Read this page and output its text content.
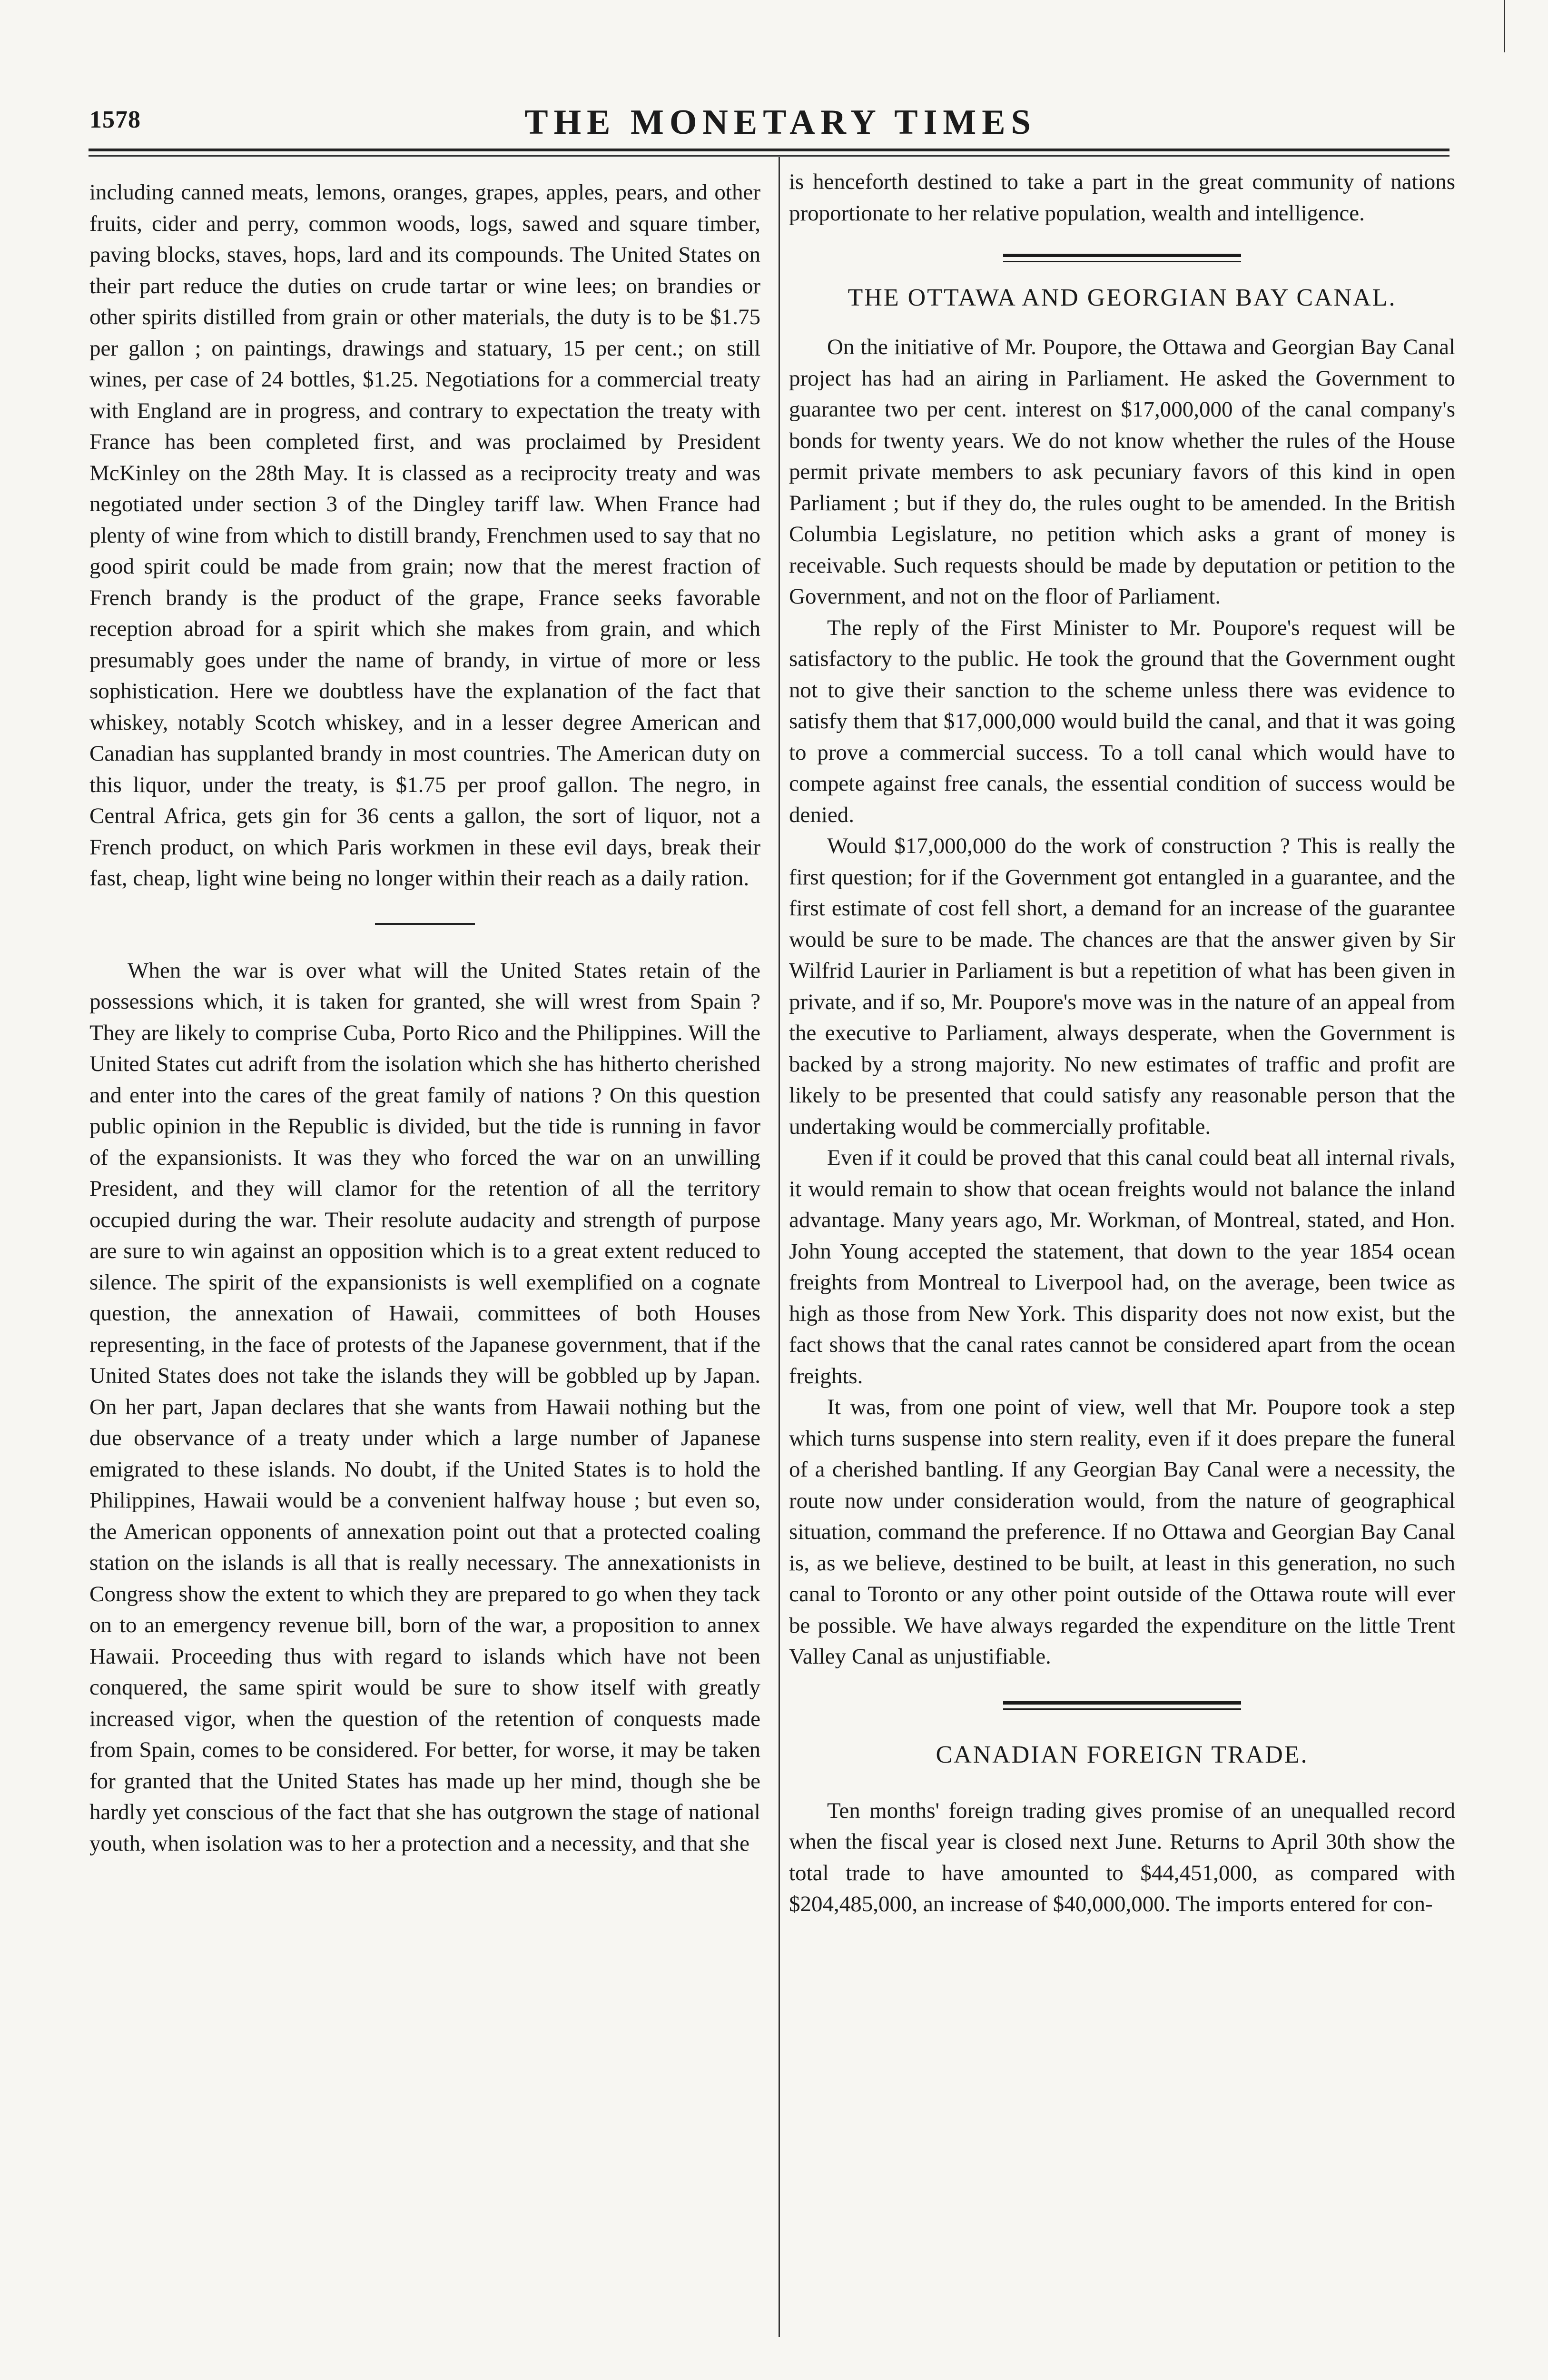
1578	THE MONETARY TIMES

including canned meats, lemons, oranges, grapes, apples, pears, and other fruits, cider and perry, common woods, logs, sawed and square timber, paving blocks, staves, hops, lard and its compounds. The United States on their part reduce the duties on crude tartar or wine lees; on brandies or other spirits distilled from grain or other materials, the duty is to be $1.75 per gallon ; on paintings, drawings and statuary, 15 per cent.; on still wines, per case of 24 bottles, $1.25. Negotiations for a commercial treaty with England are in progress, and contrary to expectation the treaty with France has been completed first, and was proclaimed by President McKinley on the 28th May. It is classed as a reciprocity treaty and was negotiated under section 3 of the Dingley tariff law. When France had plenty of wine from which to distill brandy, Frenchmen used to say that no good spirit could be made from grain; now that the merest fraction of French brandy is the product of the grape, France seeks favorable reception abroad for a spirit which she makes from grain, and which presumably goes under the name of brandy, in virtue of more or less sophistication. Here we doubtless have the explanation of the fact that whiskey, notably Scotch whiskey, and in a lesser degree American and Canadian has supplanted brandy in most countries. The American duty on this liquor, under the treaty, is $1.75 per proof gallon. The negro, in Central Africa, gets gin for 36 cents a gallon, the sort of liquor, not a French product, on which Paris workmen in these evil days, break their fast, cheap, light wine being no longer within their reach as a daily ration.

When the war is over what will the United States retain of the possessions which, it is taken for granted, she will wrest from Spain ? They are likely to comprise Cuba, Porto Rico and the Philippines. Will the United States cut adrift from the isolation which she has hitherto cherished and enter into the cares of the great family of nations ? On this question public opinion in the Republic is divided, but the tide is running in favor of the expansionists. It was they who forced the war on an unwilling President, and they will clamor for the retention of all the territory occupied during the war. Their resolute audacity and strength of purpose are sure to win against an opposition which is to a great extent reduced to silence. The spirit of the expansionists is well exemplified on a cognate question, the annexation of Hawaii, committees of both Houses representing, in the face of protests of the Japanese government, that if the United States does not take the islands they will be gobbled up by Japan. On her part, Japan declares that she wants from Hawaii nothing but the due observance of a treaty under which a large number of Japanese emigrated to these islands. No doubt, if the United States is to hold the Philippines, Hawaii would be a convenient halfway house ; but even so, the American opponents of annexation point out that a protected coaling station on the islands is all that is really necessary. The annexationists in Congress show the extent to which they are prepared to go when they tack on to an emergency revenue bill, born of the war, a proposition to annex Hawaii. Proceeding thus with regard to islands which have not been conquered, the same spirit would be sure to show itself with greatly increased vigor, when the question of the retention of conquests made from Spain, comes to be considered. For better, for worse, it may be taken for granted that the United States has made up her mind, though she be hardly yet conscious of the fact that she has outgrown the stage of national youth, when isolation was to her a protection and a necessity, and that she

is henceforth destined to take a part in the great community of nations proportionate to her relative population, wealth and intelligence.

THE OTTAWA AND GEORGIAN BAY CANAL.

On the initiative of Mr. Poupore, the Ottawa and Georgian Bay Canal project has had an airing in Parliament. He asked the Government to guarantee two per cent. interest on $17,000,000 of the canal company's bonds for twenty years. We do not know whether the rules of the House permit private members to ask pecuniary favors of this kind in open Parliament ; but if they do, the rules ought to be amended. In the British Columbia Legislature, no petition which asks a grant of money is receivable. Such requests should be made by deputation or petition to the Government, and not on the floor of Parliament.

The reply of the First Minister to Mr. Poupore's request will be satisfactory to the public. He took the ground that the Government ought not to give their sanction to the scheme unless there was evidence to satisfy them that $17,000,000 would build the canal, and that it was going to prove a commercial success. To a toll canal which would have to compete against free canals, the essential condition of success would be denied.

Would $17,000,000 do the work of construction ? This is really the first question; for if the Government got entangled in a guarantee, and the first estimate of cost fell short, a demand for an increase of the guarantee would be sure to be made. The chances are that the answer given by Sir Wilfrid Laurier in Parliament is but a repetition of what has been given in private, and if so, Mr. Poupore's move was in the nature of an appeal from the executive to Parliament, always desperate, when the Government is backed by a strong majority. No new estimates of traffic and profit are likely to be presented that could satisfy any reasonable person that the undertaking would be commercially profitable.

Even if it could be proved that this canal could beat all internal rivals, it would remain to show that ocean freights would not balance the inland advantage. Many years ago, Mr. Workman, of Montreal, stated, and Hon. John Young accepted the statement, that down to the year 1854 ocean freights from Montreal to Liverpool had, on the average, been twice as high as those from New York. This disparity does not now exist, but the fact shows that the canal rates cannot be considered apart from the ocean freights.

It was, from one point of view, well that Mr. Poupore took a step which turns suspense into stern reality, even if it does prepare the funeral of a cherished bantling. If any Georgian Bay Canal were a necessity, the route now under consideration would, from the nature of geographical situation, command the preference. If no Ottawa and Georgian Bay Canal is, as we believe, destined to be built, at least in this generation, no such canal to Toronto or any other point outside of the Ottawa route will ever be possible. We have always regarded the expenditure on the little Trent Valley Canal as unjustifiable.

CANADIAN FOREIGN TRADE.

Ten months' foreign trading gives promise of an unequalled record when the fiscal year is closed next June. Returns to April 30th show the total trade to have amounted to $44,451,000, as compared with $204,485,000, an increase of $40,000,000. The imports entered for con-
